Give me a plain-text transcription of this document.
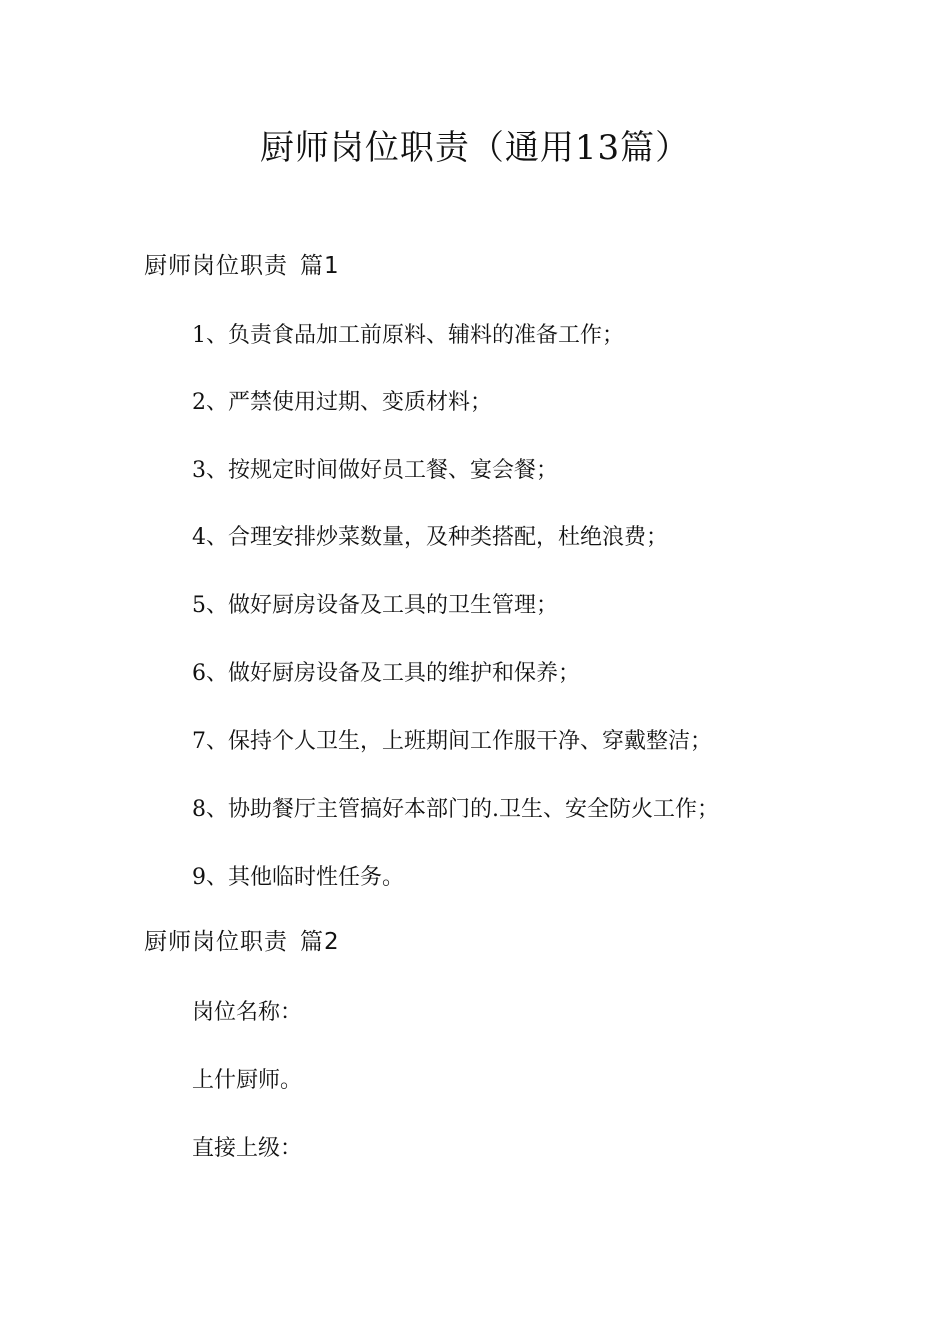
厨师岗位职责（通用13篇）
厨师岗位职责 篇1
1、负责食品加工前原料、辅料的准备工作；
2、严禁使用过期、变质材料；
3、按规定时间做好员工餐、宴会餐；
4、合理安排炒菜数量，及种类搭配，杜绝浪费；
5、做好厨房设备及工具的卫生管理；
6、做好厨房设备及工具的维护和保养；
7、保持个人卫生，上班期间工作服干净、穿戴整洁；
8、协助餐厅主管搞好本部门的.卫生、安全防火工作；
9、其他临时性任务。
厨师岗位职责 篇2
岗位名称：
上什厨师。
直接上级：
